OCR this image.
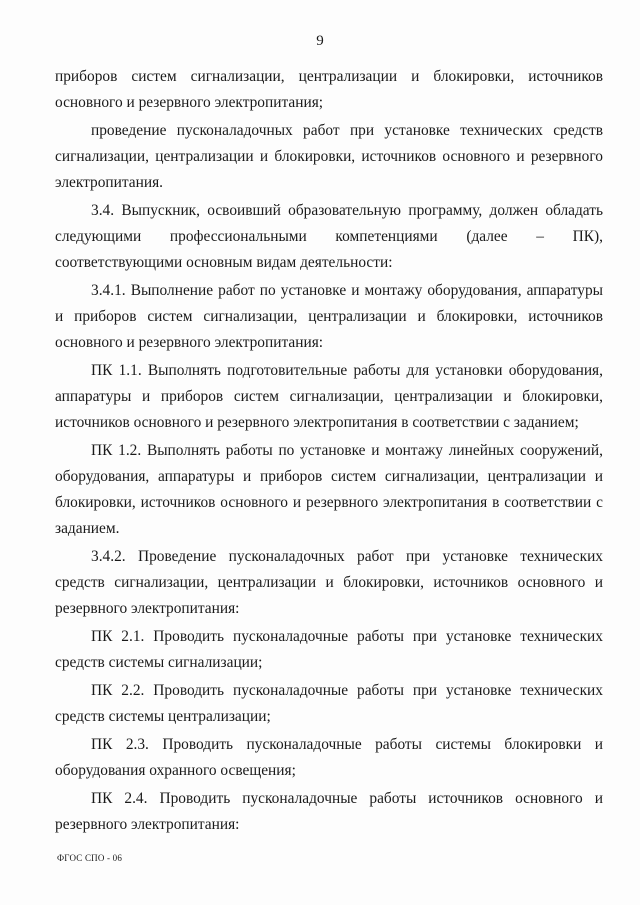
9

приборов систем сигнализации, централизации и блокировки, источников основного и резервного электропитания;

проведение пусконаладочных работ при установке технических средств сигнализации, централизации и блокировки, источников основного и резервного электропитания.

3.4. Выпускник, освоивший образовательную программу, должен обладать следующими профессиональными компетенциями (далее – ПК), соответствующими основным видам деятельности:

3.4.1. Выполнение работ по установке и монтажу оборудования, аппаратуры и приборов систем сигнализации, централизации и блокировки, источников основного и резервного электропитания:

ПК 1.1. Выполнять подготовительные работы для установки оборудования, аппаратуры и приборов систем сигнализации, централизации и блокировки, источников основного и резервного электропитания в соответствии с заданием;

ПК 1.2. Выполнять работы по установке и монтажу линейных сооружений, оборудования, аппаратуры и приборов систем сигнализации, централизации и блокировки, источников основного и резервного электропитания в соответствии с заданием.

3.4.2. Проведение пусконаладочных работ при установке технических средств сигнализации, централизации и блокировки, источников основного и резервного электропитания:

ПК 2.1. Проводить пусконаладочные работы при установке технических средств системы сигнализации;

ПК 2.2. Проводить пусконаладочные работы при установке технических средств системы централизации;

ПК 2.3. Проводить пусконаладочные работы системы блокировки и оборудования охранного освещения;

ПК 2.4. Проводить пусконаладочные работы источников основного и резервного электропитания:

ФГОС СПО - 06
